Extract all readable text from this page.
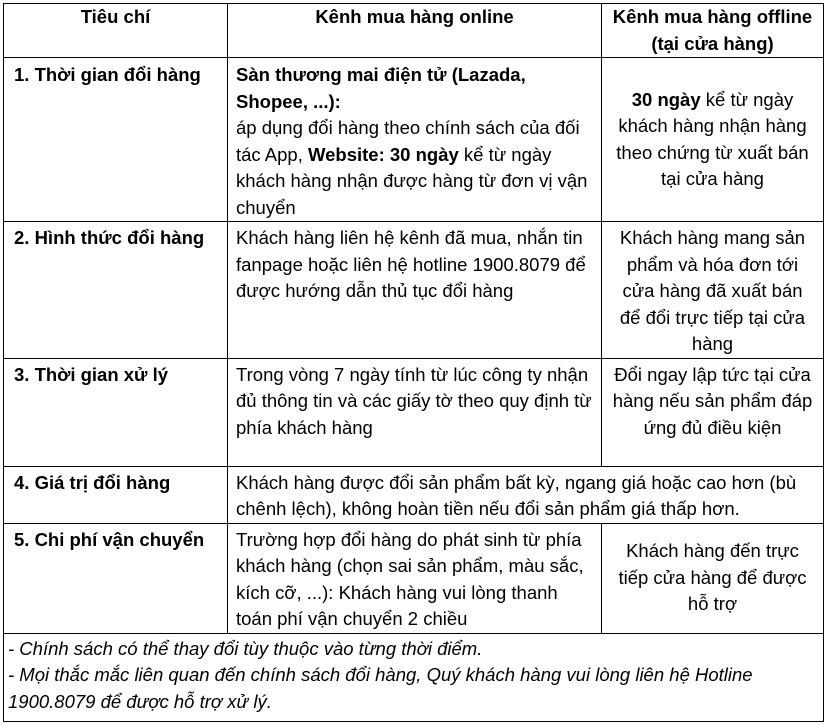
Tiêu chí	Kênh mua hàng online	Kênh mua hàng offline
(tại cửa hàng)
1. Thời gian đổi hàng	Sàn thương mai điện tử (Lazada, Shopee, ...):
áp dụng đổi hàng theo chính sách của đối tác App, Website: 30 ngày kể từ ngày khách hàng nhận được hàng từ đơn vị vận chuyển	30 ngày kể từ ngày khách hàng nhận hàng theo chứng từ xuất bán tại cửa hàng
2. Hình thức đổi hàng	Khách hàng liên hệ kênh đã mua, nhắn tin fanpage hoặc liên hệ hotline 1900.8079 để được hướng dẫn thủ tục đổi hàng	Khách hàng mang sản phẩm và hóa đơn tới cửa hàng đã xuất bán để đổi trực tiếp tại cửa hàng
3. Thời gian xử lý	Trong vòng 7 ngày tính từ lúc công ty nhận đủ thông tin và các giấy tờ theo quy định từ phía khách hàng	Đổi ngay lập tức tại cửa hàng nếu sản phẩm đáp ứng đủ điều kiện
4. Giá trị đổi hàng	Khách hàng được đổi sản phẩm bất kỳ, ngang giá hoặc cao hơn (bù chênh lệch), không hoàn tiền nếu đổi sản phẩm giá thấp hơn.	
5. Chi phí vận chuyển	Trường hợp đổi hàng do phát sinh từ phía khách hàng (chọn sai sản phẩm, màu sắc, kích cỡ, ...): Khách hàng vui lòng thanh toán phí vận chuyển 2 chiều	Khách hàng đến trực tiếp cửa hàng để được hỗ trợ

- Chính sách có thể thay đổi tùy thuộc vào từng thời điểm.
- Mọi thắc mắc liên quan đến chính sách đổi hàng, Quý khách hàng vui lòng liên hệ Hotline 1900.8079 để được hỗ trợ xử lý.		
